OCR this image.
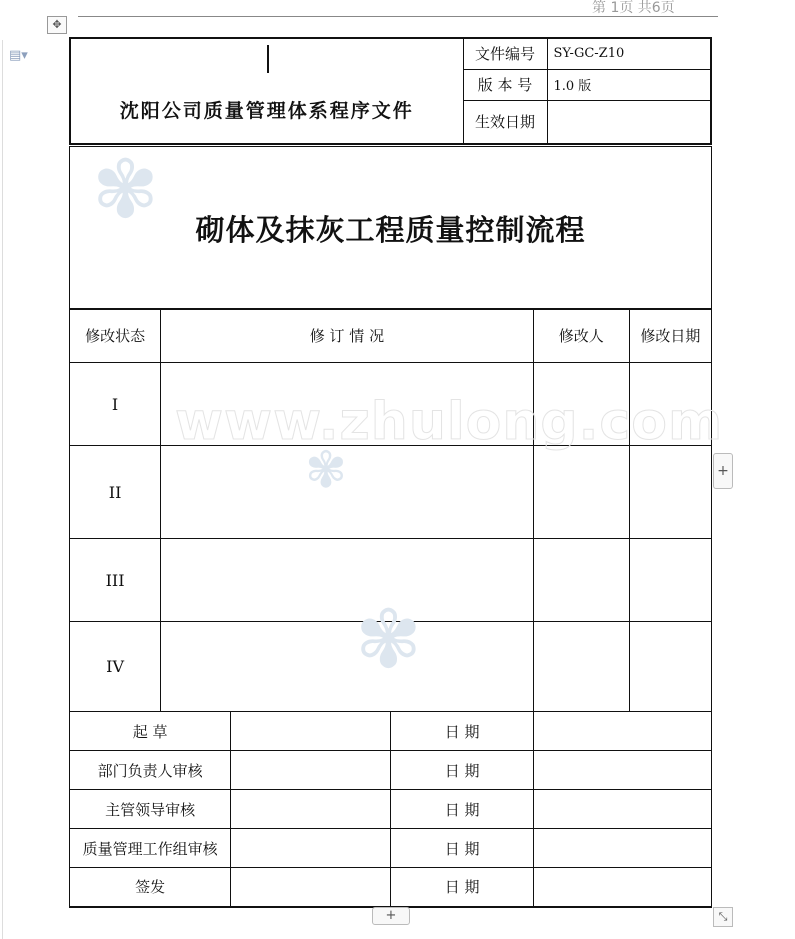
第 1页 共6页
✥
▤▾
沈阳公司质量管理体系程序文件	文件编号	SY-GC-Z10
	版 本 号	1.0 版
	生效日期	
砌体及抹灰工程质量控制流程
修改状态	修 订 情 况	修改人	修改日期
I			
II			
III			
IV			
起 草		日 期	
部门负责人审核		日 期	
主管领导审核		日 期	
质量管理工作组审核		日 期	
签发		日 期	
✾
✾
✾
www.zhulong.com
+
+	⤡
